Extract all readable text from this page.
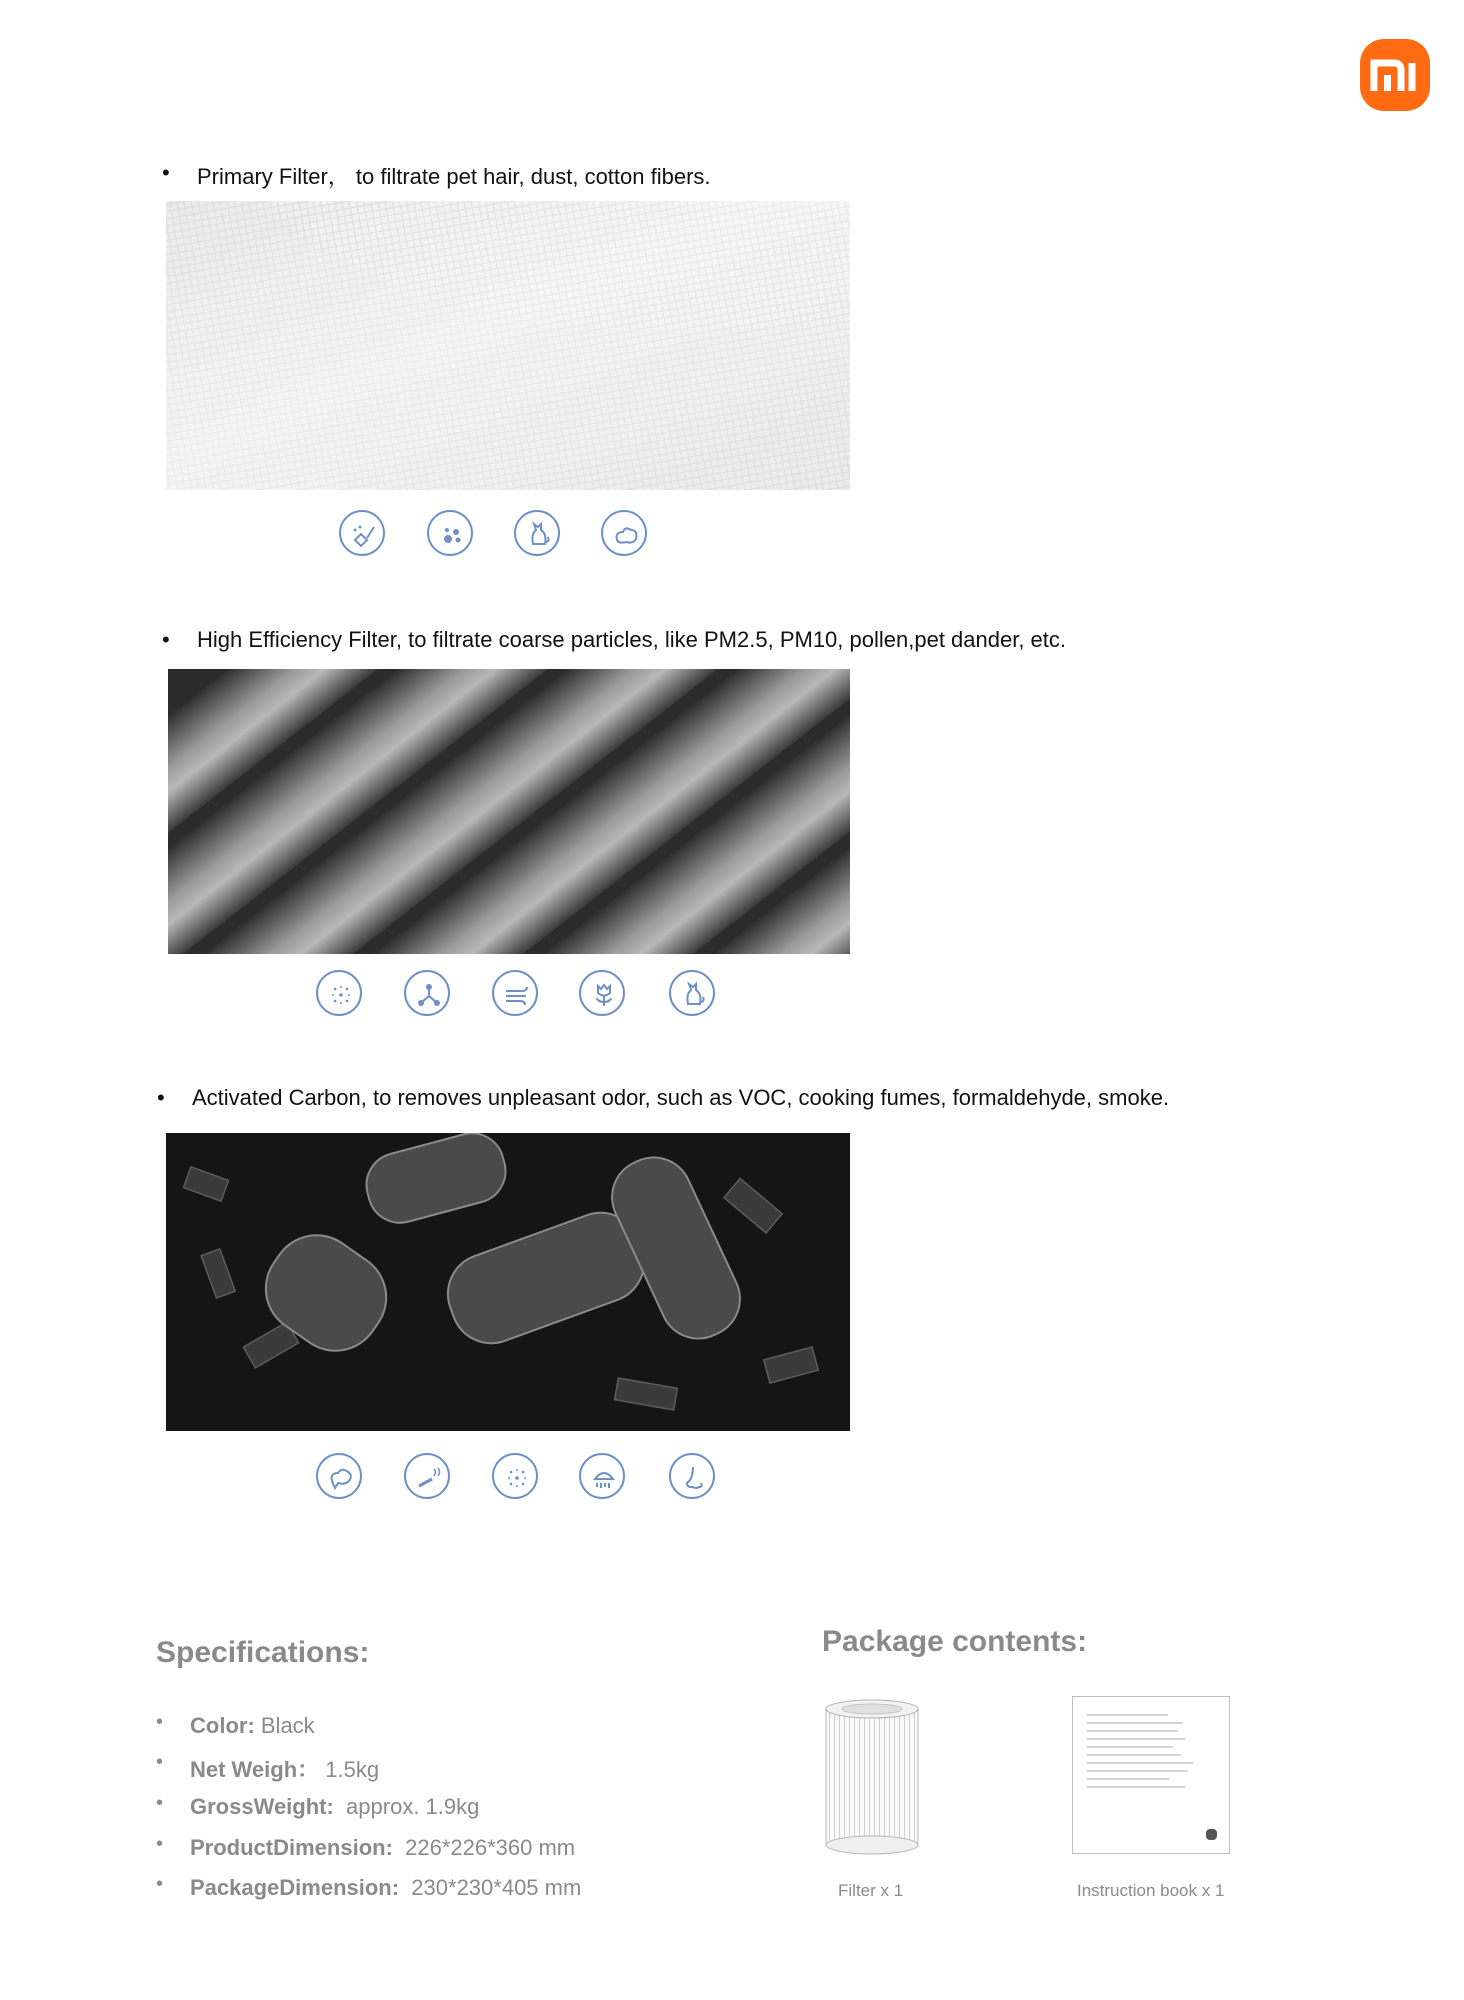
• Primary Filter， to filtrate pet hair, dust, cotton fibers.
• High Efficiency Filter, to filtrate coarse particles, like PM2.5, PM10, pollen,pet dander, etc.
• Activated Carbon, to removes unpleasant odor, such as VOC, cooking fumes, formaldehyde, smoke.
Specifications:
• Color: Black
• Net Weigh： 1.5kg
• GrossWeight:  approx. 1.9kg
• ProductDimension:  226*226*360 mm
• PackageDimension:  230*230*405 mm
Package contents:
Filter x 1	Instruction book x 1
